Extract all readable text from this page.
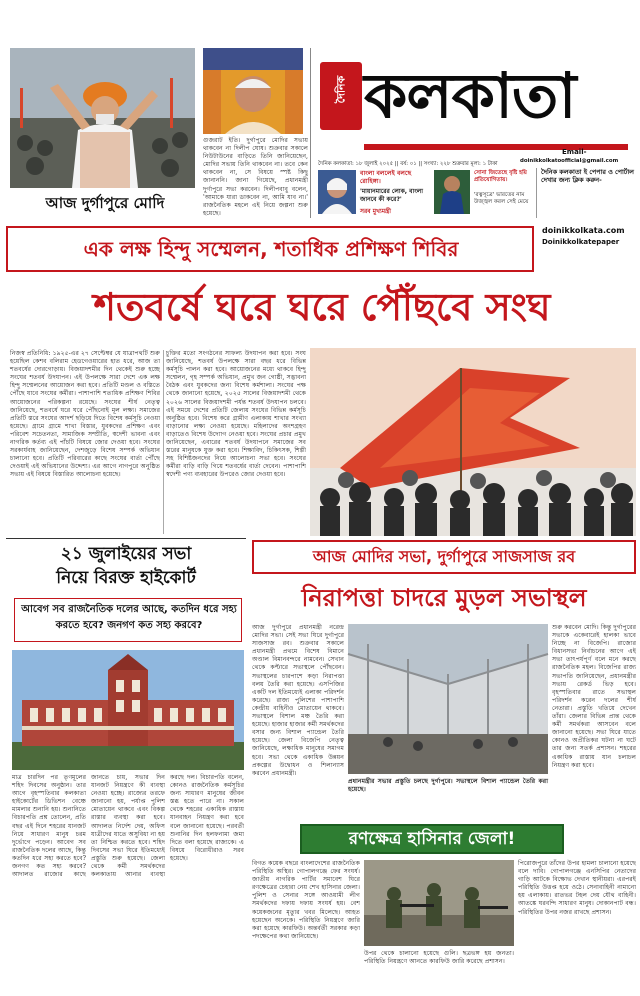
গুজরাট ইতি। দুর্গাপুরে মোদির সভায় থাকবেন না দিলীপ ঘোষ। শুক্রবার সকালে নিউটাউনের বাড়িতে তিনি জানিয়েছেন, মোদির সভায় তিনি থাকবেন না। তবে কেন থাকবেন না, সে বিষয়ে স্পষ্ট কিছু জানাননি। জানা গিয়েছে, প্রধানমন্ত্রী দুর্গাপুরে সভা করবেন। দিলীপবাবু বলেন, 'আমাকে যারা ডাকবেন না, আমি যাব না।' রাজনৈতিক মহলে এই নিয়ে জল্পনা শুরু হয়েছে।
আজ দুর্গাপুরে মোদি
দৈনিক কলকাতা
দৈনিক কলকাতা: ১৮ জুলাই ২০২৫ || বর্ষ: ০১ || সংখ্যা: ২২৮ শুক্রবার মূল্য: ১ টাকা
Email-
doinikkolkatoofficial@gmail.com
বাংলা বললেই বলছে রোহিঙ্গা।
'মায়ানমারের লোক, বাংলা জানবে কী করে?'
সরব মুখ্যমন্ত্রী
সোনা জিতেছে বৃষ্টি হয়ি প্রতিযোগিতায়।
'রত্নসূত্রে' ভারতের নাম উজ্জ্বল করল সেই মেয়ে
দৈনিক কলকাতা ই পেপার ও পোর্টাল দেখার জন্য ক্লিক করুন-
doinikkolkata.com
Doinikkolkatepaper
এক লক্ষ হিন্দু সম্মেলন, শতাধিক প্রশিক্ষণ শিবির
শতবর্ষে ঘরে ঘরে পৌঁছবে সংঘ
নিজস্ব প্রতিনিধি: ১৯২৫-এর ২৭ সেপ্টেম্বর যে যাত্রাপথটি শুরু হয়েছিল কেশব বলিরাম হেডগেওয়ারের হাত ধরে, আজ তা শতবর্ষের দোরগোড়ায়। বিজয়াদশমীর দিন থেকেই শুরু হচ্ছে সংঘের শতবর্ষ উদযাপন। এই উপলক্ষে সারা দেশে এক লক্ষ হিন্দু সম্মেলনের আয়োজন করা হবে। প্রতিটি মণ্ডল ও বস্তিতে পৌঁছে যাবে সংঘের কর্মীরা। পাশাপাশি শতাধিক প্রশিক্ষণ শিবির আয়োজনের পরিকল্পনা রয়েছে। সংঘের শীর্ষ নেতৃত্ব জানিয়েছে, শতবর্ষে ঘরে ঘরে পৌঁছনোই মূল লক্ষ্য। সমাজের প্রতিটি স্তরে সংঘের আদর্শ ছড়িয়ে দিতে বিশেষ কর্মসূচি নেওয়া হয়েছে। গ্রামে গ্রামে শাখা বিস্তার, যুবকদের প্রশিক্ষণ এবং পরিবেশ সচেতনতা, সামাজিক সম্প্রীতি, স্বদেশী ভাবনা এবং নাগরিক কর্তব্য এই পাঁচটি বিষয়ে জোর দেওয়া হবে। সংঘের সরকার্যবাহ জানিয়েছেন, দেশজুড়ে বিশেষ সম্পর্ক অভিযান চালানো হবে। প্রতিটি পরিবারের কাছে সংঘের বার্তা পৌঁছে দেওয়াই এই অভিযানের উদ্দেশ্য। এর আগে নাগপুরে অনুষ্ঠিত সভায় এই বিষয়ে বিস্তারিত আলোচনা হয়েছে।
চুক্তির মতো সংগঠনের সাফল্য উদযাপন করা হবে। সংঘ জানিয়েছে, শতবর্ষ উপলক্ষে সারা বছর ধরে বিভিন্ন কর্মসূচি পালন করা হবে। আয়োজনের মধ্যে থাকবে হিন্দু সম্মেলন, গৃহ সম্পর্ক অভিযান, প্রমুখ জন গোষ্ঠী, সদ্ভাবনা বৈঠক এবং যুবকদের জন্য বিশেষ কর্মশালা। সংঘের পক্ষ থেকে জানানো হয়েছে, ২০২৫ সালের বিজয়াদশমী থেকে ২০২৬ সালের বিজয়াদশমী পর্যন্ত শতবর্ষ উদযাপন চলবে। এই সময়ে দেশের প্রতিটি জেলায় সংঘের বিভিন্ন কর্মসূচি অনুষ্ঠিত হবে। বিশেষ করে গ্রামীণ এলাকায় শাখার সংখ্যা বাড়ানোর লক্ষ্য নেওয়া হয়েছে। মহিলাদের অংশগ্রহণ বাড়াতেও বিশেষ উদ্যোগ নেওয়া হবে। সংঘের প্রচার প্রমুখ জানিয়েছেন, এবারের শতবর্ষ উদযাপনে সমাজের সব স্তরের মানুষকে যুক্ত করা হবে। শিক্ষাবিদ, চিকিৎসক, শিল্পী সহ বিশিষ্টজনদের নিয়ে আলোচনা সভা হবে। সংঘের কর্মীরা বাড়ি বাড়ি গিয়ে শতবর্ষের বার্তা দেবেন। পাশাপাশি স্বদেশী পণ্য ব্যবহারের উপরেও জোর দেওয়া হবে।
২১ জুলাইয়ের সভা
নিয়ে বিরক্ত হাইকোর্ট
আবেগ সব রাজনৈতিক দলের আছে, কতদিন ধরে সহ্য করতে হবে? জনগণ কত সহ্য করবে?
মাত্র চারদিন পর তৃণমূলের শহিদ দিবসের অনুষ্ঠান। তার আগে বৃহস্পতিবার কলকাতা হাইকোর্টের ডিভিশন বেঞ্চে মামলার শুনানি হয়। শুনানিতে বিচারপতি প্রশ্ন তোলেন, প্রতি বছর এই দিনে শহরের যানজট নিয়ে সাধারণ মানুষ চরম দুর্ভোগে পড়েন। আবেগ সব রাজনৈতিক দলের আছে, কিন্তু কতদিন ধরে সহ্য করতে হবে? জনগণ কত সহ্য করবে? আদালত রাজ্যের কাছে জানতে চায়, সভার দিন যানজট নিয়ন্ত্রণে কী ব্যবস্থা নেওয়া হচ্ছে। রাজ্যের তরফে জানানো হয়, পর্যাপ্ত পুলিশ মোতায়েন থাকবে এবং বিকল্প রাস্তার ব্যবস্থা করা হবে। আদালত নির্দেশ দেয়, অফিস যাত্রীদের যাতে অসুবিধা না হয় তা নিশ্চিত করতে হবে। শহিদ দিবসের সভা ঘিরে ইতিমধ্যেই প্রস্তুতি শুরু হয়েছে। জেলা থেকে কর্মী সমর্থকদের কলকাতায় আনার ব্যবস্থা করছে দল। বিচারপতি বলেন, কোনও রাজনৈতিক কর্মসূচির জন্য সাধারণ মানুষের জীবন স্তব্ধ হতে পারে না। সকাল থেকে শহরের একাধিক রাস্তায় যানবাহন নিয়ন্ত্রণ করা হবে বলে জানানো হয়েছে। পরবর্তী শুনানির দিন হলফনামা জমা দিতে বলা হয়েছে রাজ্যকে। এ বিষয়ে বিরোধীরাও সরব হয়েছে।
আজ মোদির সভা, দুর্গাপুরে সাজসাজ রব
নিরাপত্তা চাদরে মুড়ল সভাস্থল
আজ দুর্গাপুরে প্রধানমন্ত্রী নরেন্দ্র মোদির সভা। সেই সভা ঘিরে দুর্গাপুরে সাজসাজ রব। শুক্রবার সকালে প্রধানমন্ত্রী প্রথমে বিশেষ বিমানে অণ্ডাল বিমানবন্দরে নামবেন। সেখান থেকে কপ্টারে সভাস্থলে পৌঁছবেন। সভাস্থলের চারপাশে কড়া নিরাপত্তা বলয় তৈরি করা হয়েছে। এসপিজির একটি দল ইতিমধ্যেই এলাকা পরিদর্শন করেছে। রাজ্য পুলিশের পাশাপাশি কেন্দ্রীয় বাহিনীও মোতায়েন থাকবে। সভাস্থলে বিশাল মঞ্চ তৈরি করা হয়েছে। হাজার হাজার কর্মী সমর্থকদের বসার জন্য বিশাল প্যান্ডেল তৈরি হয়েছে। জেলা বিজেপি নেতৃত্ব জানিয়েছে, লক্ষাধিক মানুষের সমাগম হবে। সভা থেকে একাধিক উন্নয়ন প্রকল্পের উদ্বোধন ও শিলান্যাস করবেন প্রধানমন্ত্রী।
শুরু করবেন মোদি। কিন্তু দুর্গাপুরের সভাকে একেবারেই হালকা ভাবে নিচ্ছে না বিজেপি। রাজ্যের বিধানসভা নির্বাচনের আগে এই সভা তাৎপর্যপূর্ণ বলে মনে করছে রাজনৈতিক মহল। বিজেপির রাজ্য সভাপতি জানিয়েছেন, প্রধানমন্ত্রীর সভায় রেকর্ড ভিড় হবে। বৃহস্পতিবার রাতে সভাস্থল পরিদর্শন করেন দলের শীর্ষ নেতারা। প্রস্তুতি খতিয়ে দেখেন তাঁরা। জেলার বিভিন্ন প্রান্ত থেকে কর্মী সমর্থকরা আসবেন বলে জানানো হয়েছে। সভা ঘিরে যাতে কোনও অপ্রীতিকর ঘটনা না ঘটে তার জন্য সতর্ক প্রশাসন। শহরের একাধিক রাস্তায় যান চলাচল নিয়ন্ত্রণ করা হবে।
প্রধানমন্ত্রীর সভার প্রস্তুতি চলছে দুর্গাপুরে। সভাস্থলে বিশাল প্যান্ডেল তৈরি করা হয়েছে।
রণক্ষেত্র হাসিনার জেলা!
বিগত কয়েক বছরে বাংলাদেশের রাজনৈতিক পরিস্থিতি অস্থির। গোপালগঞ্জে ফের সংঘর্ষ। জাতীয় নাগরিক পার্টির সমাবেশ ঘিরে রণক্ষেত্রের চেহারা নেয় শেখ হাসিনার জেলা। পুলিশ ও সেনার সঙ্গে আওয়ামী লীগ সমর্থকদের দফায় দফায় সংঘর্ষ হয়। বেশ কয়েকজনের মৃত্যুর খবর মিলেছে। আহত হয়েছেন অনেকে। পরিস্থিতি নিয়ন্ত্রণে জারি করা হয়েছে কারফিউ। অন্তর্বর্তী সরকার কড়া পদক্ষেপের কথা জানিয়েছে।
উপর থেকে চালানো হয়েছে গুলি। ছত্রভঙ্গ হয় জনতা। পরিস্থিতি নিয়ন্ত্রণে আনতে কারফিউ জারি করেছে প্রশাসন।
পিরোজপুরে তাঁদের উপর হামলা চালানো হয়েছে বলে দাবি। গোপালগঞ্জে এনসিপির নেতাদের গাড়ি আটকে বিক্ষোভ দেখান স্থানীয়রা। এরপরই পরিস্থিতি উত্তপ্ত হয়ে ওঠে। সেনাবাহিনী নামানো হয় এলাকায়। রাতভর টহল দেয় যৌথ বাহিনী। আতঙ্কে ঘরবন্দি সাধারণ মানুষ। দোকানপাট বন্ধ। পরিস্থিতির উপর নজর রাখছে প্রশাসন।
